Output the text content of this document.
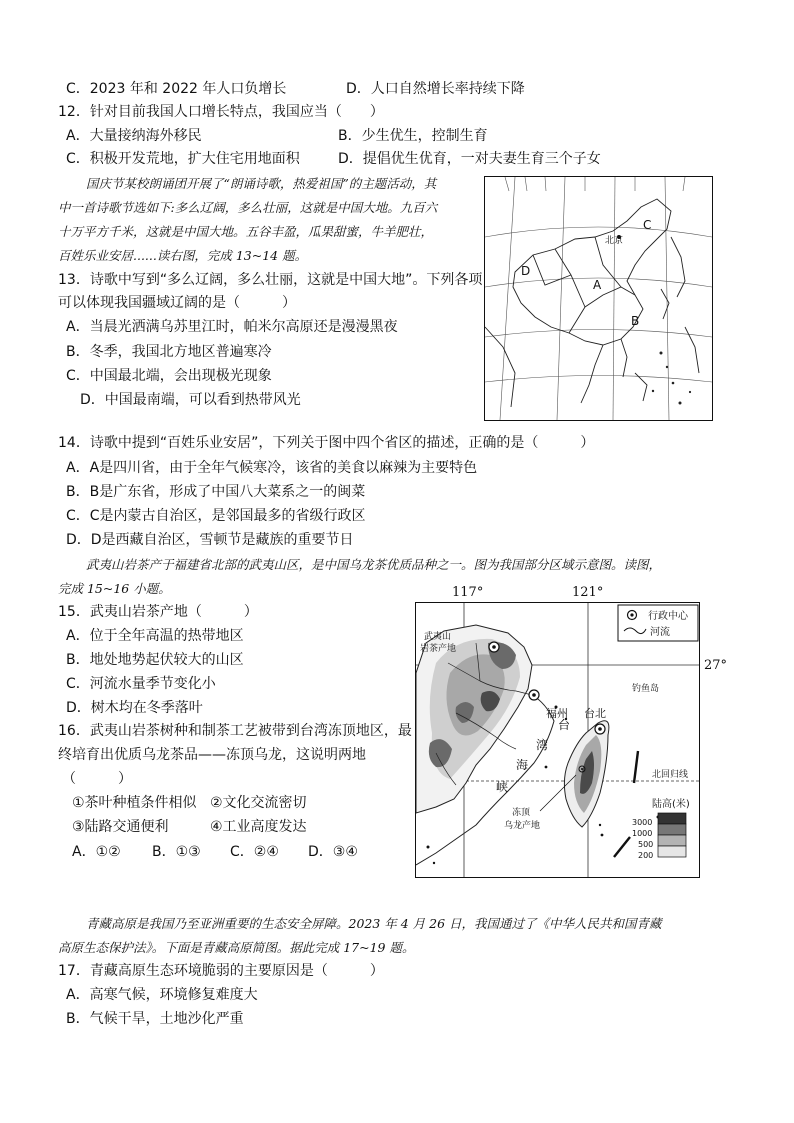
C．2023 年和 2022 年人口负增长	D．人口自然增长率持续下降
12．针对目前我国人口增长特点，我国应当（　　）
A．大量接纳海外移民	B．少生优生，控制生育
C．积极开发荒地，扩大住宅用地面积	D．提倡优生优育，一对夫妻生育三个子女
国庆节某校朗诵团开展了“朗诵诗歌，热爱祖国”的主题活动，其
中一首诗歌节选如下:多么辽阔，多么壮丽，这就是中国大地。九百六
十万平方千米，这就是中国大地。五谷丰盈，瓜果甜蜜，牛羊肥壮，
百姓乐业安居......读右图，完成 13~14 题。
13．诗歌中写到“多么辽阔，多么壮丽，这就是中国大地”。下列各项
可以体现我国疆域辽阔的是（　　　）
A．当晨光洒满乌苏里江时，帕米尔高原还是漫漫黑夜
B．冬季，我国北方地区普遍寒冷
C．中国最北端，会出现极光现象
D．中国最南端，可以看到热带风光
C
北京
D
A
B
14．诗歌中提到“百姓乐业安居”，下列关于图中四个省区的描述，正确的是（　　　）
A．A是四川省，由于全年气候寒冷，该省的美食以麻辣为主要特色
B．B是广东省，形成了中国八大菜系之一的闽菜
C．C是内蒙古自治区，是邻国最多的省级行政区
D．D是西藏自治区，雪顿节是藏族的重要节日
武夷山岩茶产于福建省北部的武夷山区，是中国乌龙茶优质品种之一。图为我国部分区域示意图。读图，
完成 15~16 小题。
15．武夷山岩茶产地（　　　）
A．位于全年高温的热带地区
B．地处地势起伏较大的山区
C．河流水量季节变化小
D．树木均在冬季落叶
16．武夷山岩茶树种和制茶工艺被带到台湾冻顶地区，最
终培育出优质乌龙茶品——冻顶乌龙，这说明两地
（　　　）
①茶叶种植条件相似 ②文化交流密切
③陆路交通便利	④工业高度发达
A．①② B．①③ C．②④ D．③④
117°	121°
27°
行政中心
河流
武夷山
岩茶产地
福州 台北
钓鱼岛
台
湾
海
峡
北回归线
冻顶
乌龙产地
陆高(米)
3000
1000
500
200
青藏高原是我国乃至亚洲重要的生态安全屏障。2023 年 4 月 26 日，我国通过了《中华人民共和国青藏
高原生态保护法》。下面是青藏高原简图。据此完成 17~19 题。
17．青藏高原生态环境脆弱的主要原因是（　　　）
A．高寒气候，环境修复难度大
B．气候干旱，土地沙化严重
